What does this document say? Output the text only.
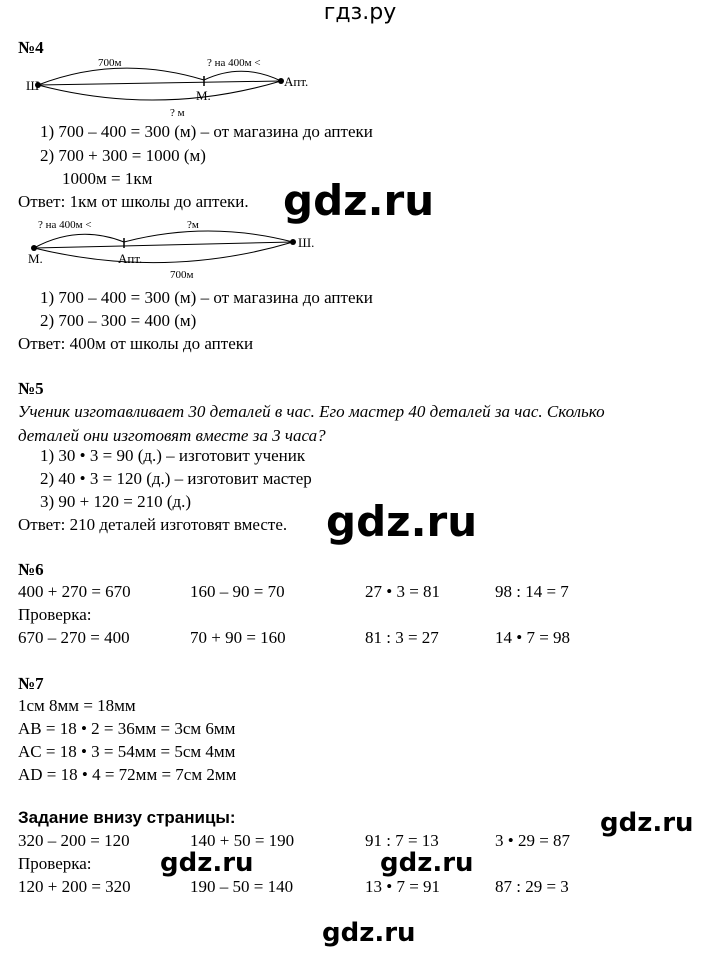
гдз.ру
№4
700м	? на 400м <
Ш
М.
Апт.
? м
1) 700 – 400 = 300 (м) – от магазина до аптеки
2) 700 + 300 = 1000 (м)
1000м = 1км
Ответ: 1км от школы до аптеки.
? на 400м <	?м
М.	Апт.
Ш.
700м
1) 700 – 400 = 300 (м) – от магазина до аптеки
2) 700 – 300 = 400 (м)
Ответ: 400м от школы до аптеки
№5
Ученик изготавливает 30 деталей в час. Его мастер 40 деталей за час. Сколько
деталей они изготовят вместе за 3 часа?
1) 30 • 3 = 90 (д.) – изготовит ученик
2) 40 • 3 = 120 (д.) – изготовит мастер
3) 90 + 120 = 210 (д.)
Ответ: 210 деталей изготовят вместе.
№6
400 + 270 = 670	160 – 90 = 70	27 • 3 = 81	98 : 14 = 7
Проверка:
670 – 270 = 400	70 + 90 = 160	81 : 3 = 27	14 • 7 = 98
№7
1см 8мм = 18мм
AB = 18 • 2 = 36мм = 3см 6мм
AC = 18 • 3 = 54мм = 5см 4мм
AD = 18 • 4 = 72мм = 7см 2мм
Задание внизу страницы:
320 – 200 = 120	140 + 50 = 190	91 : 7 = 13	3 • 29 = 87
Проверка:
120 + 200 = 320	190 – 50 = 140	13 • 7 = 91	87 : 29 = 3
gdz.ru
gdz.ru
gdz.ru
gdz.ru	gdz.ru
gdz.ru
